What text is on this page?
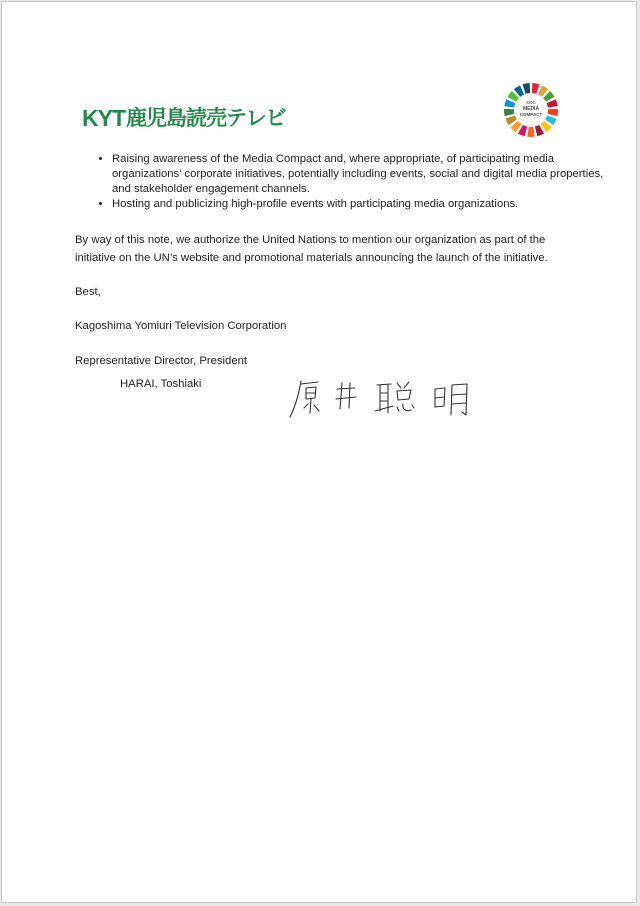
KYT 鹿児島読売テレビ
SDG
MEDIA
COMPACT
• Raising awareness of the Media Compact and, where appropriate, of participating media organizations’ corporate initiatives, potentially including events, social and digital media properties, and stakeholder engagement channels.
• Hosting and publicizing high-profile events with participating media organizations.

By way of this note, we authorize the United Nations to mention our organization as part of the initiative on the UN’s website and promotional materials announcing the launch of the initiative.

Best,

Kagoshima Yomiuri Television Corporation

Representative Director, President

HARAI, Toshiaki
